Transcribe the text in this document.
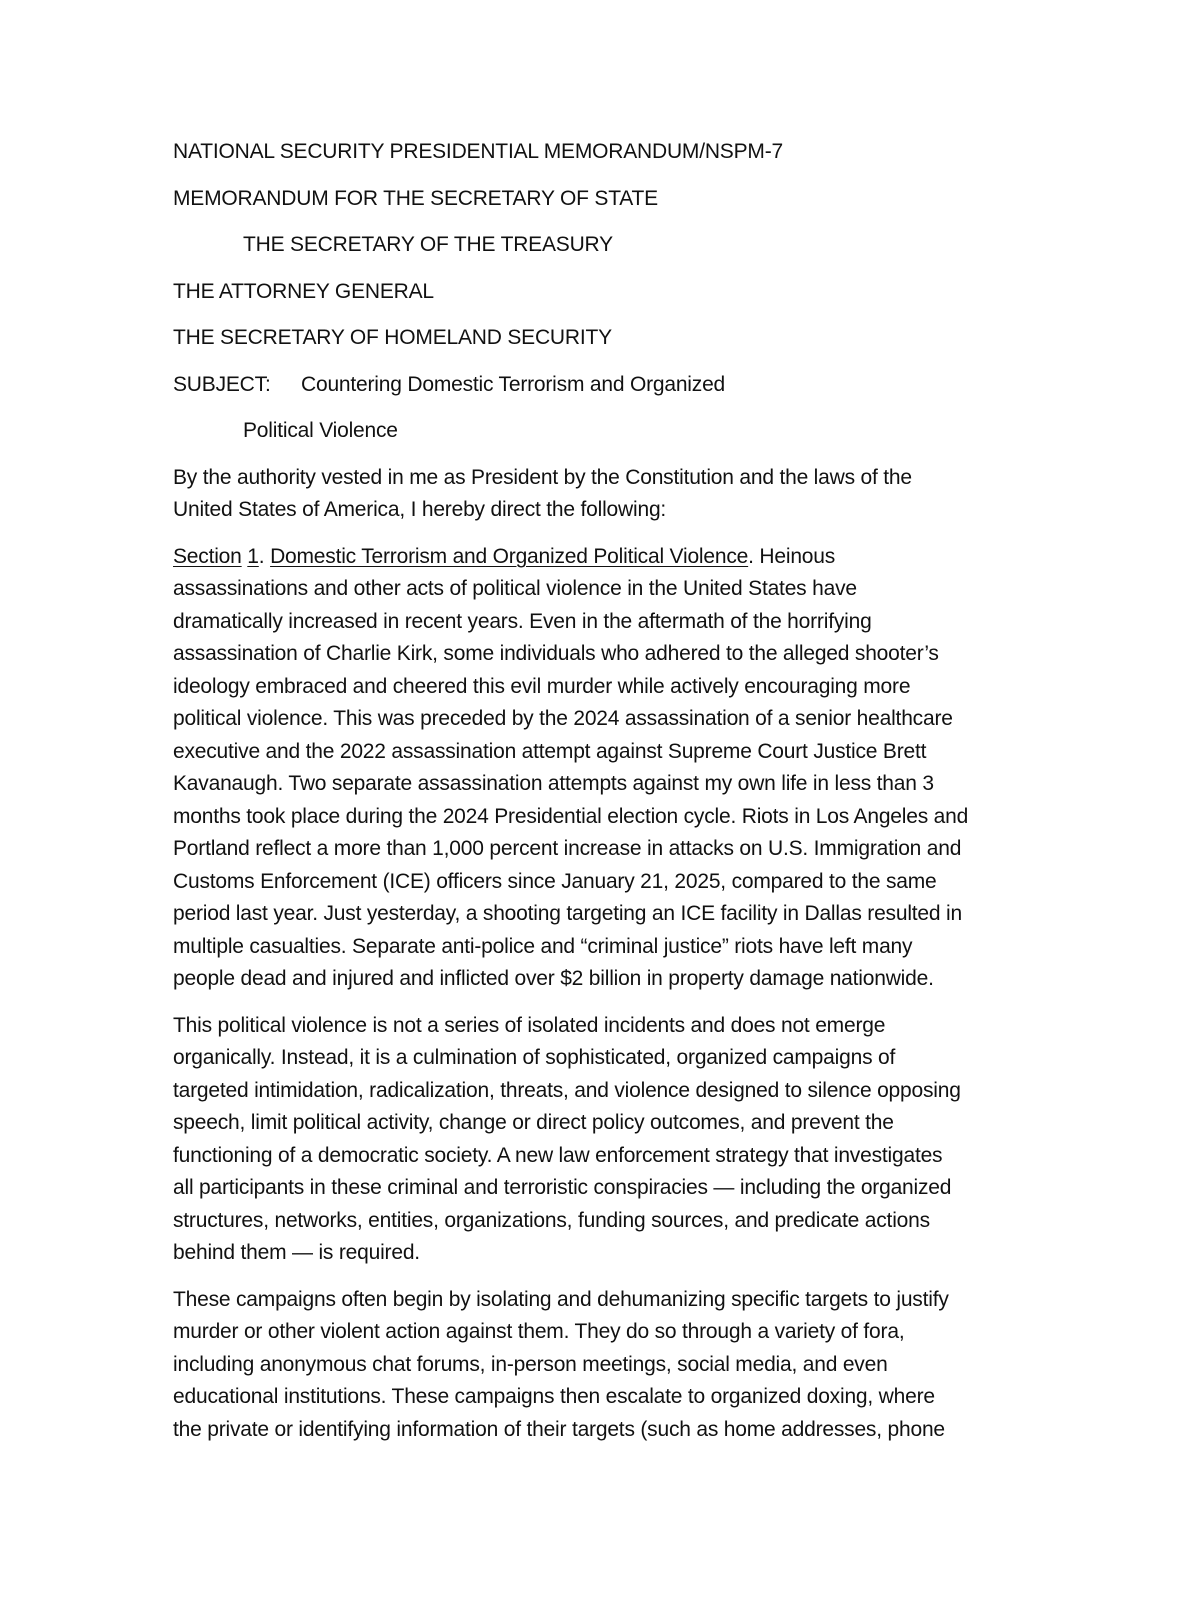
NATIONAL SECURITY PRESIDENTIAL MEMORANDUM/NSPM-7
MEMORANDUM FOR THE SECRETARY OF STATE
THE SECRETARY OF THE TREASURY
THE ATTORNEY GENERAL
THE SECRETARY OF HOMELAND SECURITY
SUBJECT: Countering Domestic Terrorism and Organized
Political Violence
By the authority vested in me as President by the Constitution and the laws of the
United States of America, I hereby direct the following:
Section 1. Domestic Terrorism and Organized Political Violence. Heinous
assassinations and other acts of political violence in the United States have
dramatically increased in recent years. Even in the aftermath of the horrifying
assassination of Charlie Kirk, some individuals who adhered to the alleged shooter’s
ideology embraced and cheered this evil murder while actively encouraging more
political violence. This was preceded by the 2024 assassination of a senior healthcare
executive and the 2022 assassination attempt against Supreme Court Justice Brett
Kavanaugh. Two separate assassination attempts against my own life in less than 3
months took place during the 2024 Presidential election cycle. Riots in Los Angeles and
Portland reflect a more than 1,000 percent increase in attacks on U.S. Immigration and
Customs Enforcement (ICE) officers since January 21, 2025, compared to the same
period last year. Just yesterday, a shooting targeting an ICE facility in Dallas resulted in
multiple casualties. Separate anti-police and “criminal justice” riots have left many
people dead and injured and inflicted over $2 billion in property damage nationwide.
This political violence is not a series of isolated incidents and does not emerge
organically. Instead, it is a culmination of sophisticated, organized campaigns of
targeted intimidation, radicalization, threats, and violence designed to silence opposing
speech, limit political activity, change or direct policy outcomes, and prevent the
functioning of a democratic society. A new law enforcement strategy that investigates
all participants in these criminal and terroristic conspiracies — including the organized
structures, networks, entities, organizations, funding sources, and predicate actions
behind them — is required.
These campaigns often begin by isolating and dehumanizing specific targets to justify
murder or other violent action against them. They do so through a variety of fora,
including anonymous chat forums, in-person meetings, social media, and even
educational institutions. These campaigns then escalate to organized doxing, where
the private or identifying information of their targets (such as home addresses, phone
